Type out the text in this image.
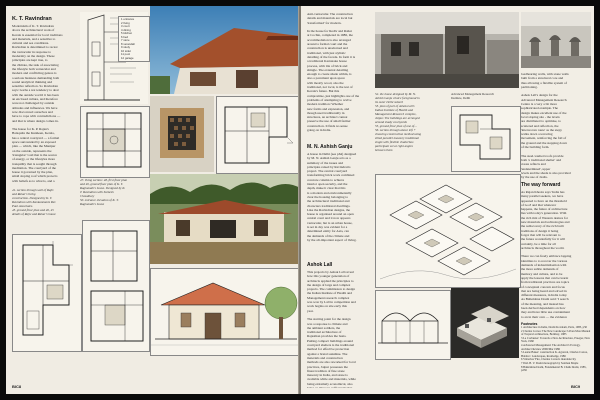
K. T. Ravindran
Modernism of K. T. Ravindran
above the architectural work of
Kerala is essential for local traditions
and materials, and a sensitive to
cultural and sea conditions.
Ravindran is determined to recast
the vernacular in response to
modernity on the design. These
principles are kept true, to
the climate, the task of associating
the lifestyle both vernacular and
modern and conflicting genres is
a serious business demanding both
sound analytical thinking and
sensitive reflection. So Ravindran
says: Garba a not tendency to deal
with the outside world: it has been
an enclosed culture, and therefore
were not challenged by outside
attitudes and influences. We have
now discovered ourselves and
have to cope with contradictions —
and that is where design comes in.

The house for K. P. Rajan's
Balaquila the Kunheen, Kerala,
has a central courtyard — a formal
space surrounded by an exposed
plan — which, like the Manipur
on the outside, represents the
'triangular' void that is the source
of energy, or the lifestyles more
tranquility that is sought through
meditation. The courtyard of the
house it governed by the plan,
small sloping roof which protects
with beliefs as to what is, and a
1 entrance
2 living
3 court
4 dining
5 kitchen
6 bed
7 store
8 verandah
9 study
10 toilet
11 pool
12 garage
41. section through wall of Rajiv
and Rahar's living
construction. Designed by K. T.
Ravindran with Kankanmanis Rev
Paul Associates.
43. ground floor plan and 46, 45
details of Rajiv and Rahar's house
47. living section: 48, first floor plan
and 49, ground floor plan of K. T.
Raghunath's house. Designed by K.
T. Ravindran with Seekesh
Choudhary
50. entrance elevation of K. T.
Raghunath's house
BIC8
Anti-vernacular. The construction
details and materials are local but
'transformed' for modern.

In the house for Rediv and Rahar
at Cochin, completed in 1986, the
accommodation is also arranged
around a formal court and the
construction is unadorned and
traditional, with just stylistic
detailing of the facade. In form it is
a traditional Karnataka house
process, with tile of brick and
shingle. The external detailing
enough to create shade within, is
also a pavement upon space
with mostly wood, also the
traditional, not local, is the test of
Kerala's future. But this
compromise, just highlights one of the
problems of attempting to revive
modern tradition: Whether
new forms and expression, and
though used traditionally in
structures, an architect cannot
preserve the use of small farmer
construction. It finds no sense
going on in India.
M. N. Ashish Ganju
A house in Delhi (see p64) designed
by M. N. Ashish Ganju acts as a
summary of the issues and
principles raised by Ravindran's
project. The central courtyard
transforming brick work combined
concrete column to achieve
interior open security, and the
depth, make it clear that this
is a modern and environmentally
clear the housing belonging to
the architectural traditional and
characters traditional dwellings.
Like the Ravindran designs, the
house is organised around an open
central court and it now appears
vernacular, but is an urban house,
is set in day was evident for a
determined entity for Asia, can
the demands of the climate and
by the all-important aspect of living.
Ashok Lall
This projects by Ashok Lall reveal
how this younger generation of
architects applied the principles to
the design of large and complex
projects. The commission to design
the Indian Institute of Health and
Management research complex
was won by Lall in competition and
work begins on site early this
year.

The starting point for the design
was a response to climate and
the ambient soldiers, the
traditional architecture of
Rajasthan provides the basis.
Putting compact buildings around
courtyard shelters is the traditional
method for effective protection
against a brutal sunshine. The
materials and construction
methods are also reworked for local
practices, Jaipur possesses the
finest tradition of fine stone
masonry in India, and stone is
available while and materials, while
being extremely economical, also

52. the house designed by M. N.
Ashish Ganju choice foreground in
its outer Delhi suburb
53. plan of part of Ashok Lall's
Indian Institute of Health and
Management Research complex,
Jaipur. The buildings are arranged
around shady courtyards
55, ground floor plan of one of...
56. section through above left +
cheacing construction method using
silted parallel masonry traditional
single with flexible chatterbox
participant set at right angles
between them

Advanced Management Research
Institute, Delhi
loadbearing walls, with stone walls
built from a structural core and
thus allowing a flexible system of
partitioning.

Ashok Lall's design for the
Advanced Management Research
Centre is a very a bit more
sophisticated example. The
design makes excellent use of the
local sloping site - the levels
are distributed to optimise, to
scattered and reflection, the
'interwoven route' as the stepy
walks down a terracing
movement, reinforcing the fall of
the ground and the stepping down
of the building form.

The steel-vaulted roofs provide
both 'a traditional shelter' and
create reflects and
'undetermined', upper
levels and the shade is also provided
by the use of Jaalis.
The way forward
As Rajan Khosla says 'India has
many parallel seekers, we have
appeared to have on the threshold
of God' and that whatever
happens, the future of architecture
lies with today's generation. With
the rich mix of Western desires for
new materials and technologies and
the rediscovery of the rich built
traditions of design it being
forgot that will be relevant to
the future wonderfully for it will
certainly, be a time for all
architects throughout the world.

There we can freely embrace lapping
identities to to recover the various
demands of industrialisation with
the more subtle demands of
memory and culture, and to be
apply the lessons that can be learnt
from traditional practices are topics
of conceptual concern and focus
that are being heard and solved in
different measures, in India today.
As Balkrishna Doshi said: 'I search
of the meaning, and instead has
been derived dependents on how
they and have little use containment
to an in their own — the evidence

Footnotes
1 Architecture in India, Doshi Kovalam, Paris, 1985, p50
2 Charles Correa: The New Landscape: Urban Mon Manual of Tropical architecture, Bombay, 1985
3 Le Corbusier: Towards a New Architecture, Praeger, New York, 1960
4 Advanced Management: The Architect's Ecology, Architect Review 2000/Mar 1986
5 Laurie Baker: construction K. Agrawal, Charles Correa, Habitat / Landscapes, Routledge, 1986
6 Vitruvius' Fire, Charles Correa's mandala/city
7 Ibid. B. V. Doshi monograph by Saxman Maple
8 Balkrishna Doshi, Fundamental B. Chalk Doshi, 1985, p236
BIC9
